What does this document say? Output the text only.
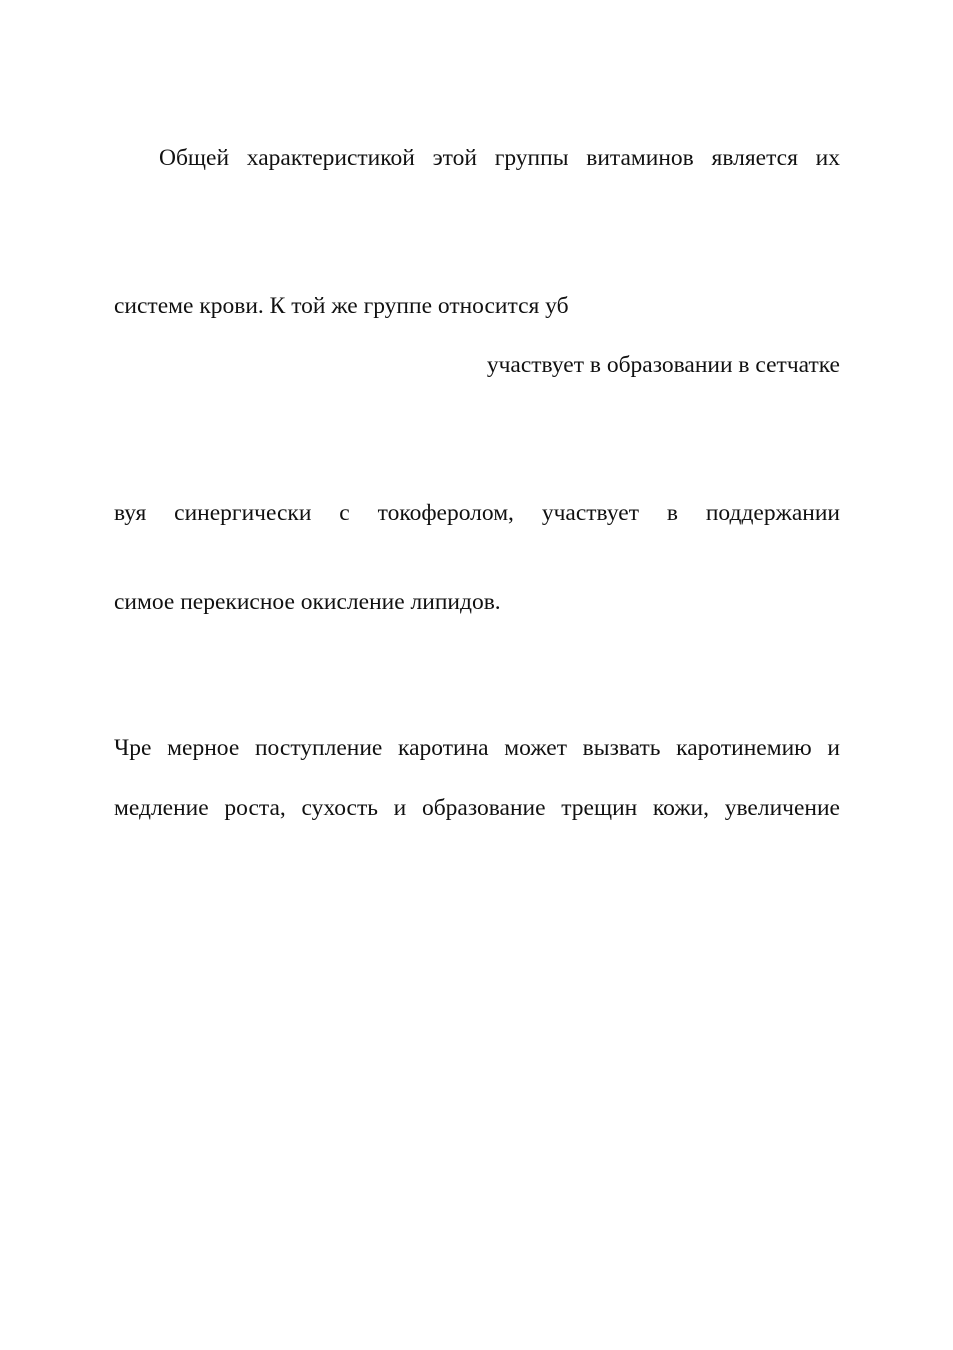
Общей характеристикой этой группы витаминов является их
системе крови. К той же группе относится уб
участвует в образовании в сетчатке
вуя синергически с токоферолом, участвует в поддержании
симое перекисное окисление липидов.
Чре мерное поступление каротина может вызвать каротинемию и
медление роста, сухость и образование трещин кожи, увеличение
